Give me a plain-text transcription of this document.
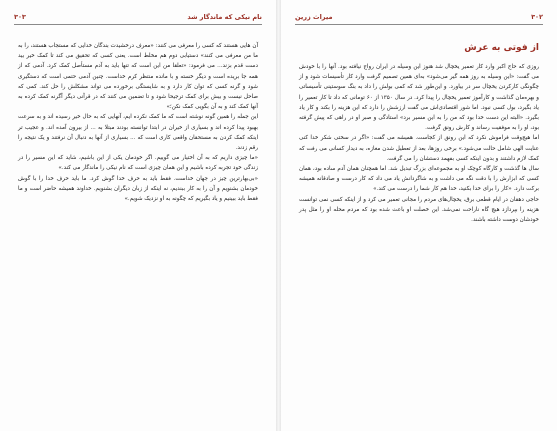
۳۰۳	نام نیکی که ماندگار شد

آن هایی هستند که کسی را معرفی می کنند: «معرف درخشیدت بندگان خدایی که مستجاب هستند، را به ما من معرفی می کنند» دستیابی دوم هم مخلط است. یعنی کسی که تحقیق می کند تا کمک خیر بید دست قدم بزند... می فرمود: «تعلقا من این است که تنها باید به آدم مستأصل کمک کرد. آدمی که از همه جا بریده است و دیگر خسته و با مانده منتظر کرم خداست. چنین آدمی حتمی است که دستگیری شود و گرنه کسی که توان کار دارد و به شایستگی برخورده می تواند مشکلش را حل کند. کمی که صاحل نیست و بیش برای کمک ترجیحا شود و تا تضمین می کنند که در قرآنی دیگر آگرنه کمک کرده به آنها کمک کند و به آن بگویی کمک نکن؛»
این جمله را همین گونه نوشته است که ما کمک نکرده ایم، آنهایی که به حال خیر رسیده اند و به سرعت بهبود پیدا کرده اند و بسیاری از خیران در ابتدا توانسته بودند مبتلا به ... از بیرون آمده اند. و عجیب تر اینکه کمک کردن به مستحقان واقعی کاری است که ... بسیاری از آنها به دنبال آن نرفتند و یک نتیجه را رقم زدند.
«ما چیزی داریم که به آن اختیار می گوییم. اگر خودمان یکی از این باشیم، شاید که این مسیر را در زندگی خود تجربه کرده باشیم و این همان چیزی است که نام نیکی را ماندگار می کند.»
«بی‌بهارترین چیز در جهان خداست. فقط باید به حرف خدا گوش کرد. ما باید حرف خدا را با گوش خودمان بشنویم و آن را به کار ببندیم، نه اینکه از زبان دیگران بشنویم. خداوند همیشه حاضر است و ما فقط باید ببینیم و یاد بگیریم که چگونه به او نزدیک شویم.»

میراث زرین	۳۰۲
از فوتی به عرش

روزی که حاج اکبر وارد کار تعمیر یخچال شد هنوز این وسیله در ایران رواج نیافته بود. آنها را با خودش می گفت: «این وسیله به روز همه گیر می‌شود» به‌ای همین تصمیم گرفت وارد کار تأسیسات شود و از چگونگی کارکردن یخچال سر در بیاورد. و این‌طور شد که کمی بولش را داد به بنگ سوستینی تأسیساتی و بهره‌مان گذاشت و کارآموز تعمیر یخچال را پیدا کرد. در سال ۱۳۵۰ از ۶۰ تومانی که داد تا کار تعمیر را یاد بگیرد، بول کسی نبود. اما شور اقتصادی‌اش می گفت ارزشش را دارد که این هزینه را بکند و کار یاد بگیرد. «البته این دست خدا بود که من را به این مسیر برد» استادگی و صبر او در راهی که پیش گرفته بود، او را به موفقیت رساند و کارش رونق گرفت.
اما هیچ‌وقت فراموش نکرد که این رونق از کجاست. همیشه می گفت: «اگر در سختی شکر خدا کنی عنایت الهی شامل حالت می‌شود.» برخی روزها، بعد از تعطیل شدن مغازه، به دیدار کسانی می رفت که کمک لازم داشتند و بدون اینکه کسی بفهمد دستشان را می گرفت.
سال ها گذشت و کارگاه کوچک او به مجموعه‌ای بزرگ تبدیل شد. اما همچنان همان آدم ساده بود، همان کسی که ابزارش را با دقت نگه می داشت و به شاگردانش یاد می داد که کار درست و صادقانه همیشه برکت دارد. «کار را برای خدا بکنید، خدا هم کار شما را درست می کند.»
حاجی دهقان در ایام قطعی برق، یخچال‌های مردم را مجانی تعمیر می کرد و از اینکه کسی نمی توانست هزینه را بپردازد هیچ گاه ناراحت نمی‌شد. این خصلت او باعث شده بود که مردم محله او را مثل پدر خودشان دوست داشته باشند.
